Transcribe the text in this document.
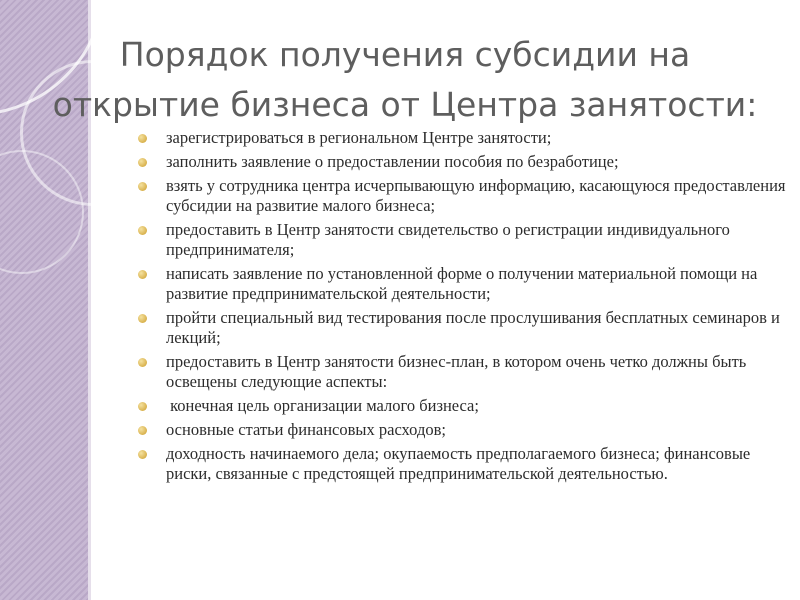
Порядок получения субсидии на
открытие бизнеса от Центра занятости:
зарегистрироваться в региональном Центре занятости;
заполнить заявление о предоставлении пособия по безработице;
взять у сотрудника центра исчерпывающую информацию, касающуюся предоставления субсидии на развитие малого бизнеса;
предоставить в Центр занятости свидетельство о регистрации индивидуального предпринимателя;
написать заявление по установленной форме о получении материальной помощи на развитие предпринимательской деятельности;
пройти специальный вид тестирования после прослушивания бесплатных семинаров и лекций;
предоставить в Центр занятости бизнес-план, в котором очень четко должны быть освещены следующие аспекты:
конечная цель организации малого бизнеса;
основные статьи финансовых расходов;
доходность начинаемого дела; окупаемость предполагаемого бизнеса; финансовые риски, связанные с предстоящей предпринимательской деятельностью.
